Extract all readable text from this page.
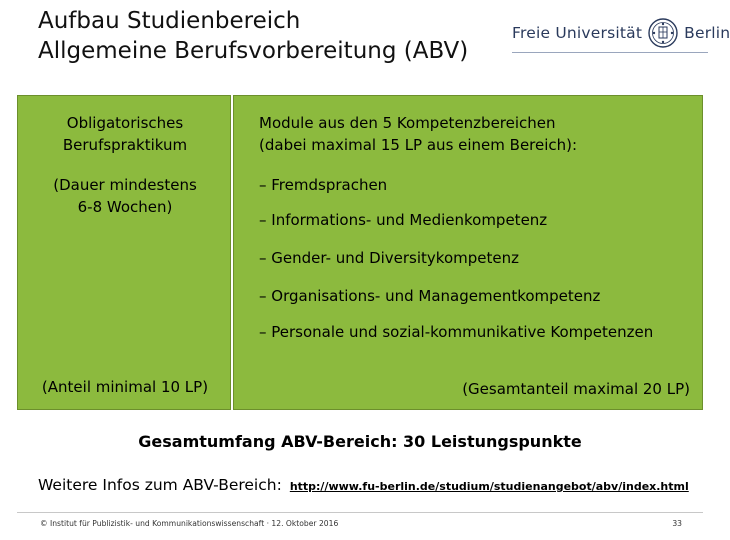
Aufbau Studienbereich
Allgemeine Berufsvorbereitung (ABV)
Freie Universität	Berlin
Obligatorisches
Berufspraktikum
(Dauer mindestens
6-8 Wochen)
(Anteil minimal 10 LP)
Module aus den 5 Kompetenzbereichen
(dabei maximal 15 LP aus einem Bereich):
– Fremdsprachen
– Informations- und Medienkompetenz
– Gender- und Diversitykompetenz
– Organisations- und Managementkompetenz
– Personale und sozial-kommunikative Kompetenzen
(Gesamtanteil maximal 20 LP)
Gesamtumfang ABV-Bereich: 30 Leistungspunkte
Weitere Infos zum ABV-Bereich: http://www.fu-berlin.de/studium/studienangebot/abv/index.html
© Institut für Publizistik- und Kommunikationswissenschaft · 12. Oktober 2016	33
